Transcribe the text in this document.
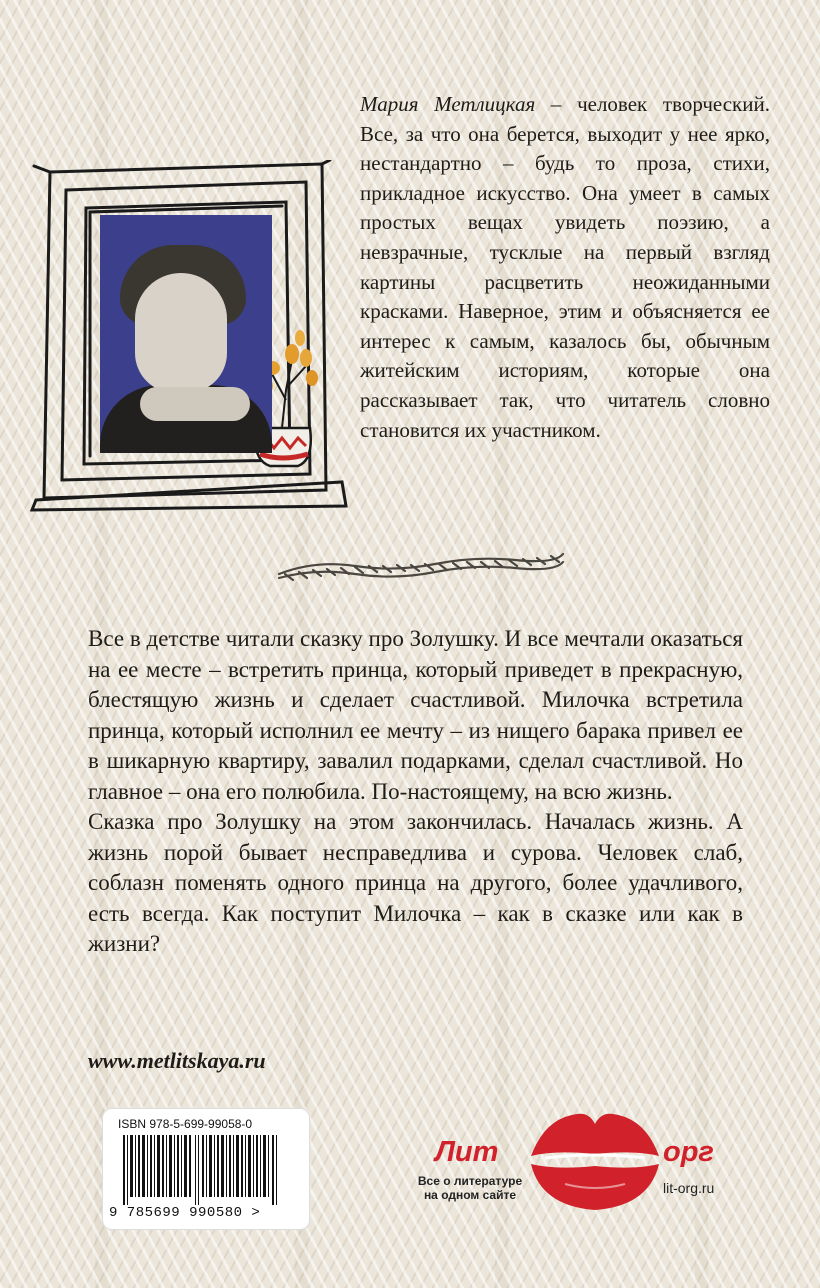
Мария Метлицкая – человек творческий. Все, за что она берется, выходит у нее ярко, нестандартно – будь то проза, стихи, прикладное искусство. Она умеет в самых простых вещах увидеть поэзию, а невзрачные, тусклые на первый взгляд картины расцветить неожиданными красками. Наверное, этим и объясняется ее интерес к самым, казалось бы, обычным житейским историям, которые она рассказывает так, что читатель словно становится их участником.

Все в детстве читали сказку про Золушку. И все мечтали оказаться на ее месте – встретить принца, который приведет в прекрасную, блестящую жизнь и сделает счастливой. Милочка встретила принца, который исполнил ее мечту – из нищего барака привел ее в шикарную квартиру, завалил подарками, сделал счастливой. Но главное – она его полюбила. По-настоящему, на всю жизнь.

Сказка про Золушку на этом закончилась. Началась жизнь. А жизнь порой бывает несправедлива и сурова. Человек слаб, соблазн поменять одного принца на другого, более удачливого, есть всегда. Как поступит Милочка – как в сказке или как в жизни?

www.metlitskaya.ru
ISBN 978-5-699-99058-0
9 785699 990580 >
Лит	орг
Все о литературе на одном сайте	lit-org.ru
